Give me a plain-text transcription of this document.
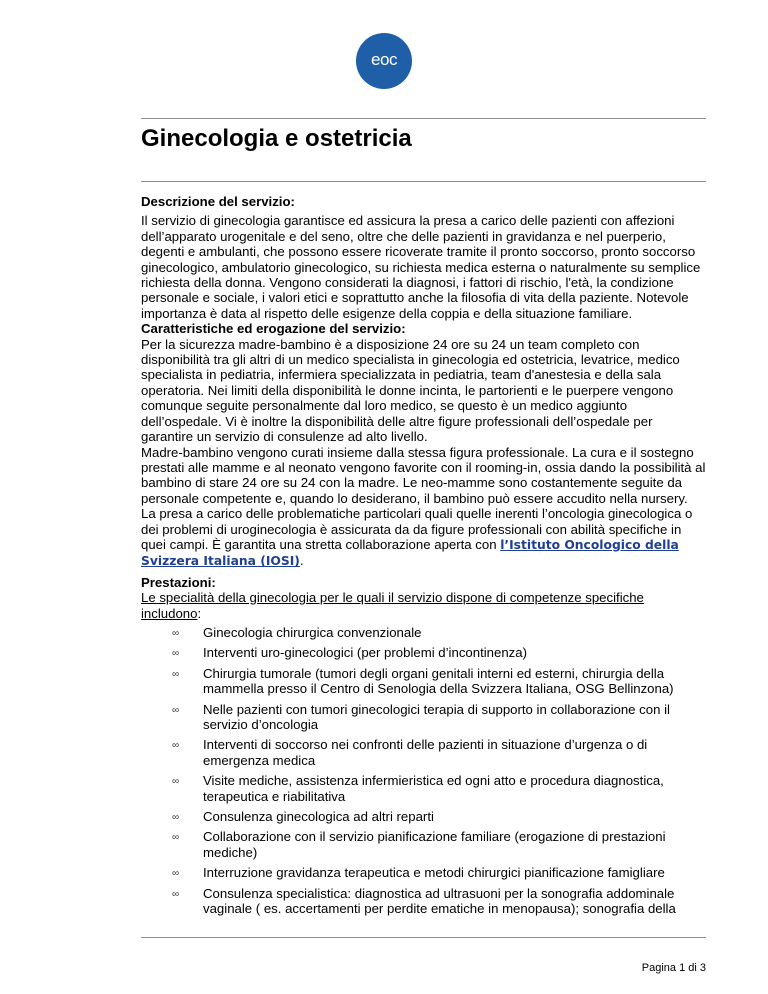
eoc
Ginecologia e ostetricia

Descrizione del servizio:

Il servizio di ginecologia garantisce ed assicura la presa a carico delle pazienti con affezioni dell’apparato urogenitale e del seno, oltre che delle pazienti in gravidanza e nel puerperio, degenti e ambulanti, che possono essere ricoverate tramite il pronto soccorso, pronto soccorso ginecologico, ambulatorio ginecologico, su richiesta medica esterna o naturalmente su semplice richiesta della donna. Vengono considerati la diagnosi, i fattori di rischio, l'età, la condizione personale e sociale, i valori etici e soprattutto anche la filosofia di vita della paziente. Notevole importanza è data al rispetto delle esigenze della coppia e della situazione familiare.

Caratteristiche ed erogazione del servizio:

Per la sicurezza madre-bambino è a disposizione 24 ore su 24 un team completo con disponibilità tra gli altri di un medico specialista in ginecologia ed ostetricia, levatrice, medico specialista in pediatria, infermiera specializzata in pediatria, team d'anestesia e della sala operatoria. Nei limiti della disponibilità le donne incinta, le partorienti e le puerpere vengono comunque seguite personalmente dal loro medico, se questo è un medico aggiunto dell’ospedale. Vi è inoltre la disponibilità delle altre figure professionali dell’ospedale per garantire un servizio di consulenze ad alto livello.

Madre-bambino vengono curati insieme dalla stessa figura professionale. La cura e il sostegno prestati alle mamme e al neonato vengono favorite con il rooming-in, ossia dando la possibilità al bambino di stare 24 ore su 24 con la madre. Le neo-mamme sono costantemente seguite da personale competente e, quando lo desiderano, il bambino può essere accudito nella nursery.

La presa a carico delle problematiche particolari quali quelle inerenti l’oncologia ginecologica o dei problemi di uroginecologia è assicurata da da figure professionali con abilità specifiche in quei campi. È garantita una stretta collaborazione aperta con l’Istituto Oncologico della Svizzera Italiana (IOSI).

Prestazioni:

Le specialità della ginecologia per le quali il servizio dispone di competenze specifiche includono:

∞ Ginecologia chirurgica convenzionale
∞ Interventi uro-ginecologici (per problemi d’incontinenza)
∞ Chirurgia tumorale (tumori degli organi genitali interni ed esterni, chirurgia della mammella presso il Centro di Senologia della Svizzera Italiana, OSG Bellinzona)
∞ Nelle pazienti con tumori ginecologici terapia di supporto in collaborazione con il servizio d’oncologia
∞ Interventi di soccorso nei confronti delle pazienti in situazione d’urgenza o di emergenza medica
∞ Visite mediche, assistenza infermieristica ed ogni atto e procedura diagnostica, terapeutica e riabilitativa
∞ Consulenza ginecologica ad altri reparti
∞ Collaborazione con il servizio pianificazione familiare (erogazione di prestazioni mediche)
∞ Interruzione gravidanza terapeutica e metodi chirurgici pianificazione famigliare
∞ Consulenza specialistica: diagnostica ad ultrasuoni per la sonografia addominale vaginale ( es. accertamenti per perdite ematiche in menopausa); sonografia della
Pagina 1 di 3
